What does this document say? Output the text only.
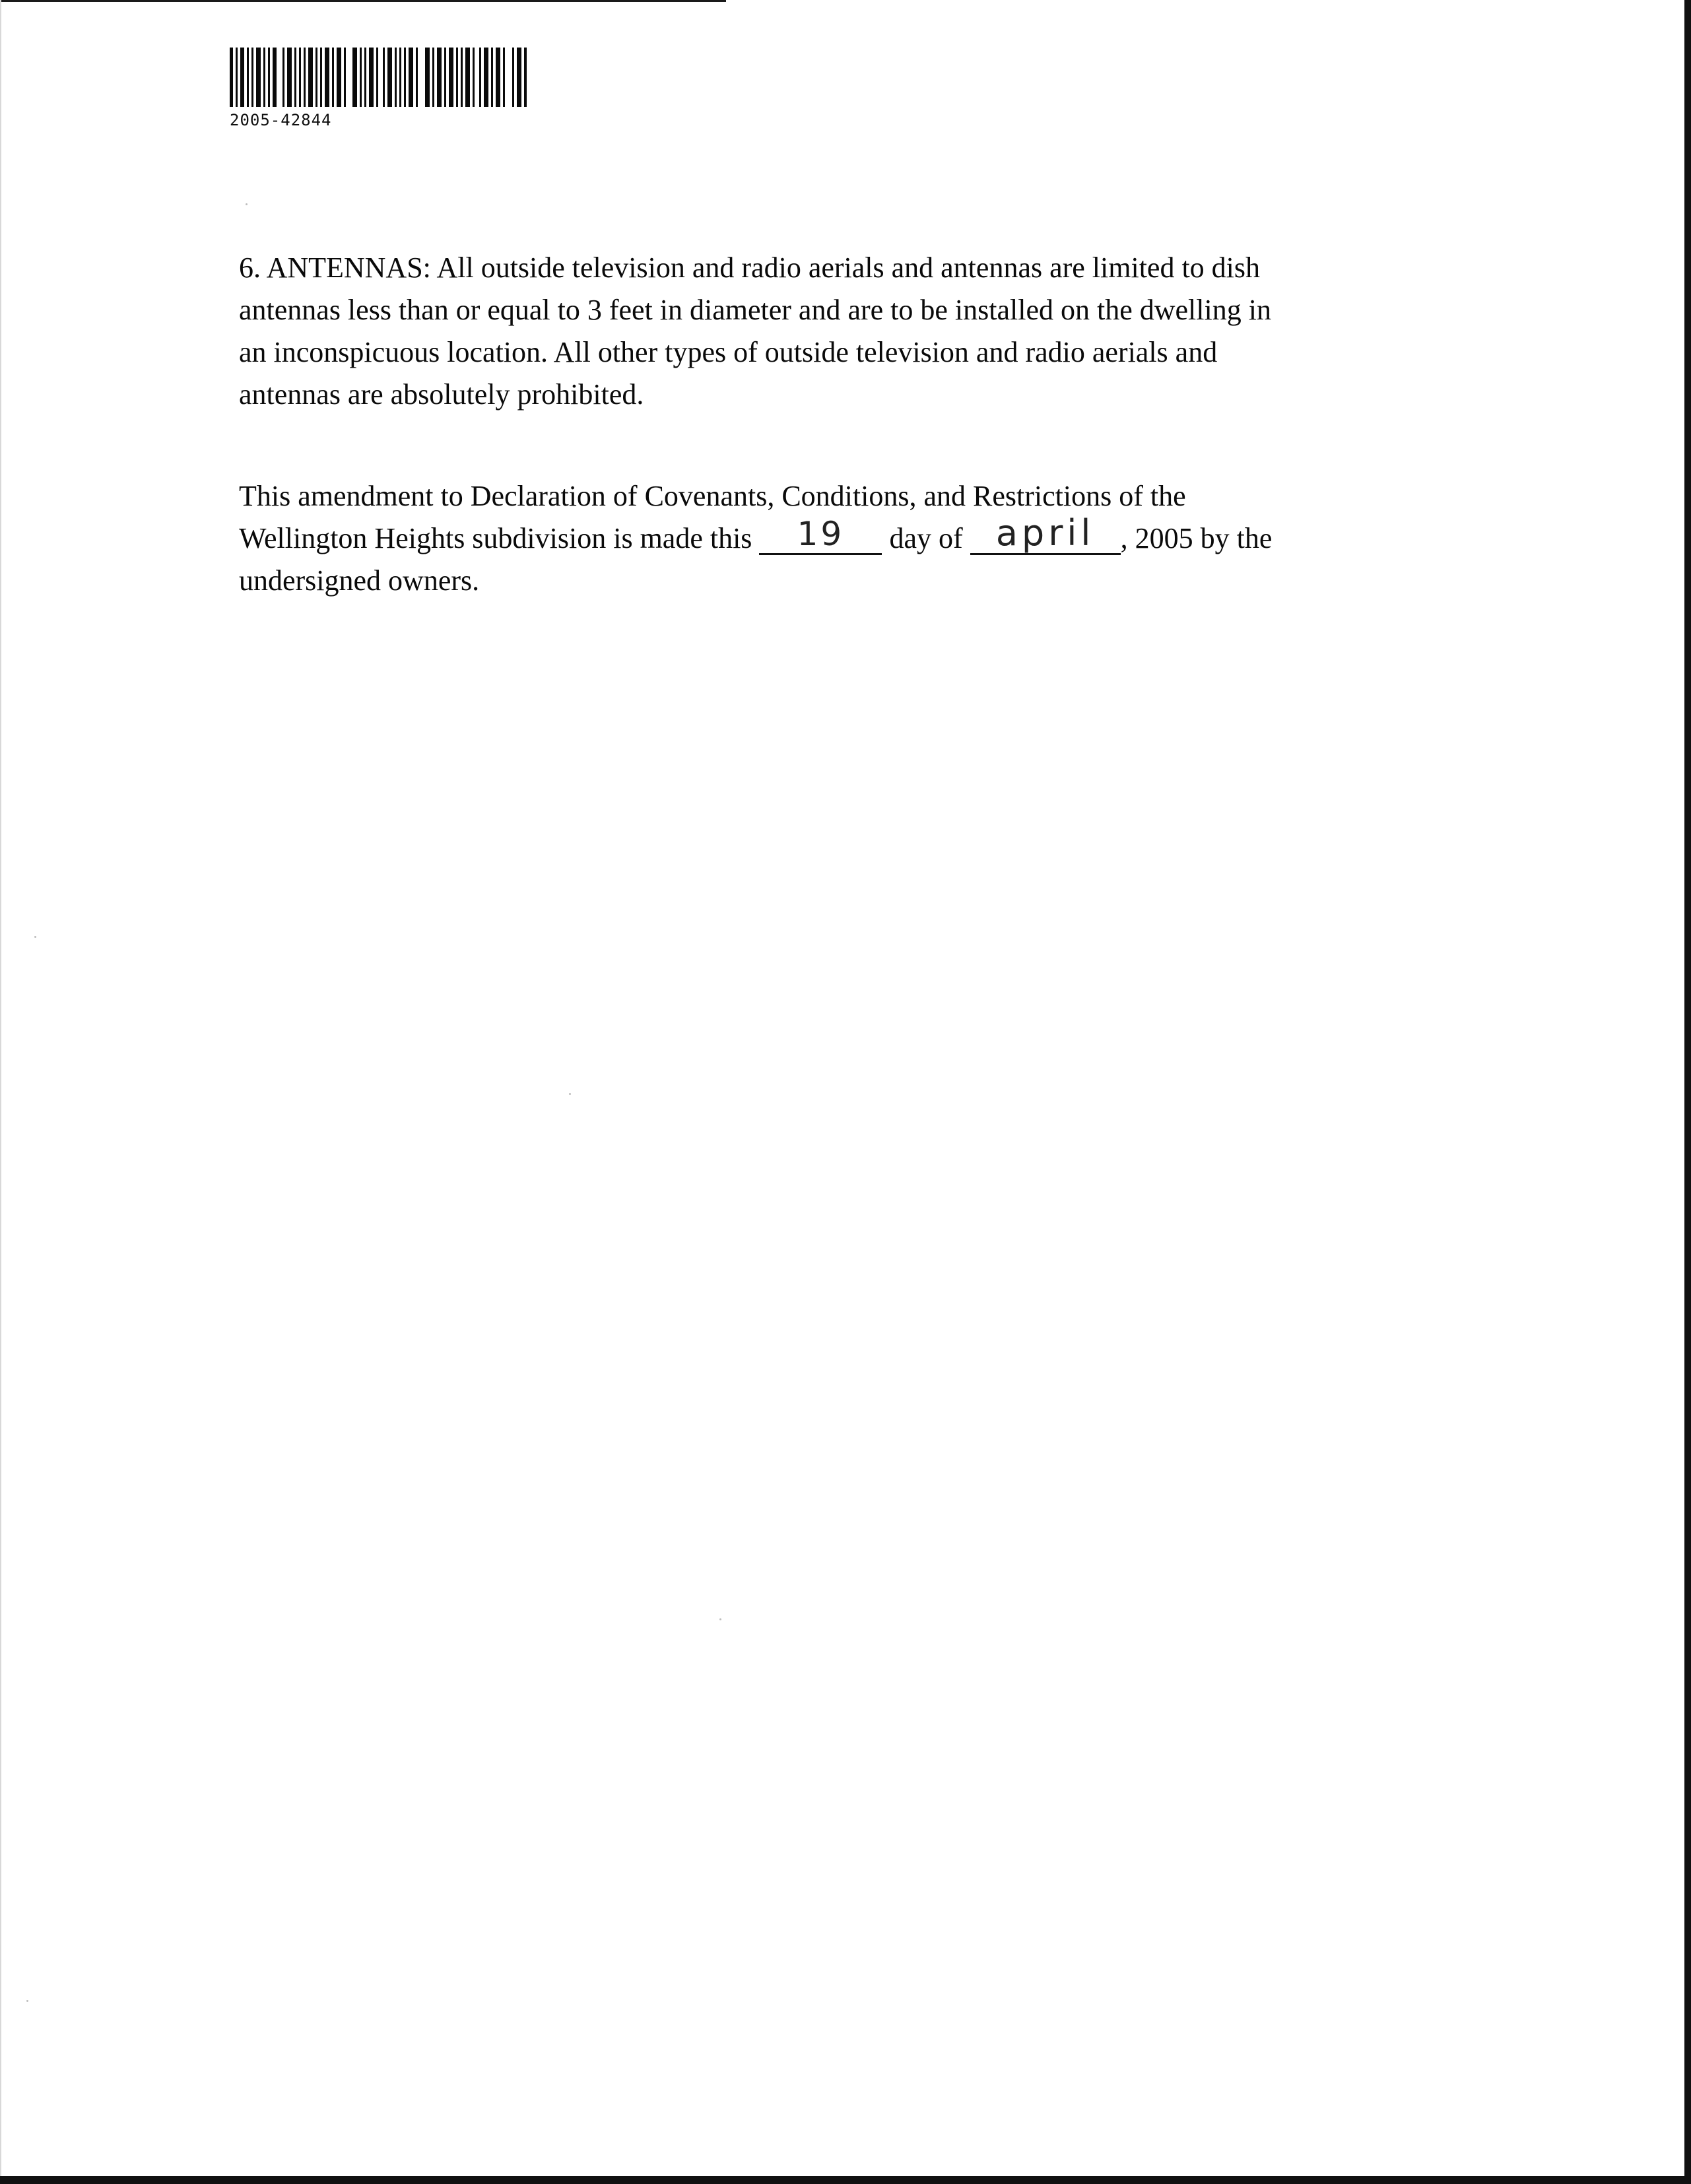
2005-42844

6. ANTENNAS: All outside television and radio aerials and antennas are limited to dish
antennas less than or equal to 3 feet in diameter and are to be installed on the dwelling in
an inconspicuous location. All other types of outside television and radio aerials and
antennas are absolutely prohibited.

This amendment to Declaration of Covenants, Conditions, and Restrictions of the
Wellington Heights subdivision is made this 19 day of april , 2005 by the
undersigned owners.
